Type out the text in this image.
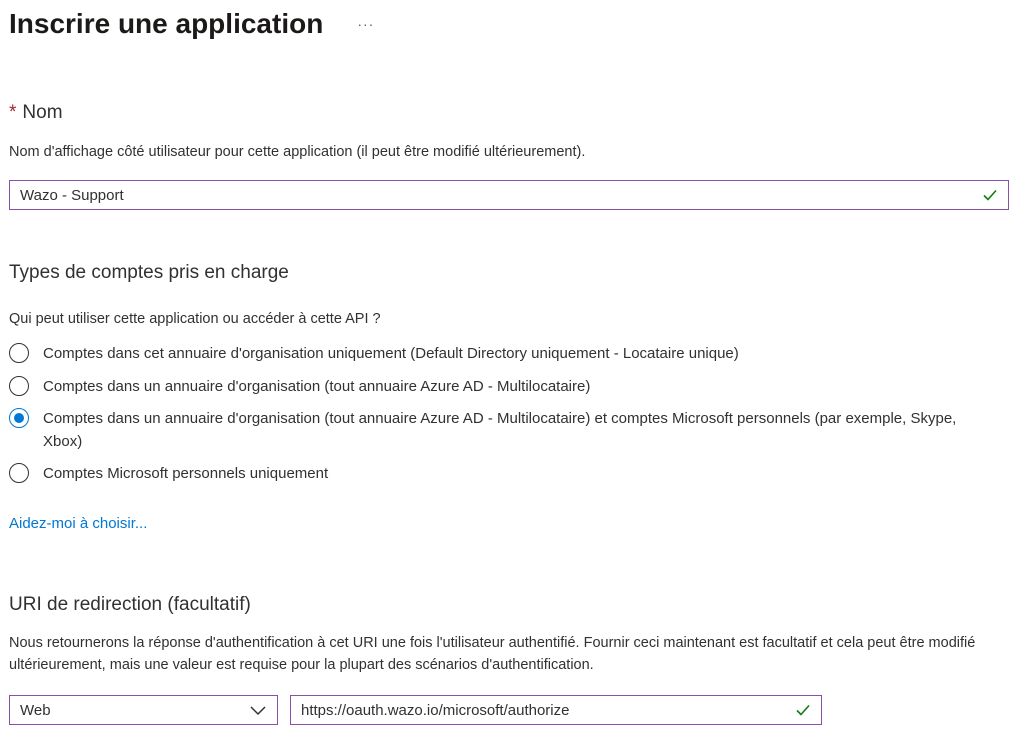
Inscrire une application ···
* Nom
Nom d'affichage côté utilisateur pour cette application (il peut être modifié ultérieurement).
Wazo - Support
Types de comptes pris en charge
Qui peut utiliser cette application ou accéder à cette API ?
Comptes dans cet annuaire d'organisation uniquement (Default Directory uniquement - Locataire unique)
Comptes dans un annuaire d'organisation (tout annuaire Azure AD - Multilocataire)
Comptes dans un annuaire d'organisation (tout annuaire Azure AD - Multilocataire) et comptes Microsoft personnels (par exemple, Skype, Xbox)
Comptes Microsoft personnels uniquement
Aidez-moi à choisir...
URI de redirection (facultatif)
Nous retournerons la réponse d'authentification à cet URI une fois l'utilisateur authentifié. Fournir ceci maintenant est facultatif et cela peut être modifié ultérieurement, mais une valeur est requise pour la plupart des scénarios d'authentification.
Web	https://oauth.wazo.io/microsoft/authorize
